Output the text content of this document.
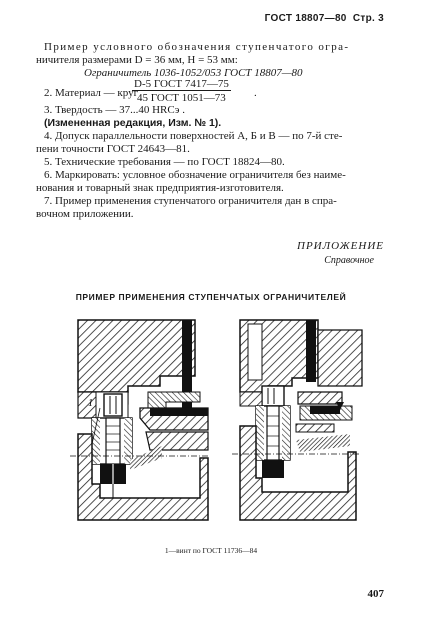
ГОСТ 18807—80 Стр. 3
Пример условного обозначения ступенчатого огра-
ничителя размерами D = 36 мм, H = 53 мм:
Ограничитель 1036-1052/053 ГОСТ 18807—80
2. Материал — круг
D-5 ГОСТ 7417—75
45 ГОСТ 1051—73	.
3. Твердость — 37...40 HRCэ .
(Измененная редакция, Изм. № 1).
4. Допуск параллельности поверхностей А, Б и В — по 7-й сте-
пени точности ГОСТ 24643—81.
5. Технические требования — по ГОСТ 18824—80.
6. Маркировать: условное обозначение ограничителя без наиме-
нования и товарный знак предприятия-изготовителя.
7. Пример применения ступенчатого ограничителя дан в спра-
вочном приложении.
ПРИЛОЖЕНИЕ
Справочное
ПРИМЕР ПРИМЕНЕНИЯ СТУПЕНЧАТЫХ ОГРАНИЧИТЕЛЕЙ
1
1—винт по ГОСТ 11736—84
407
